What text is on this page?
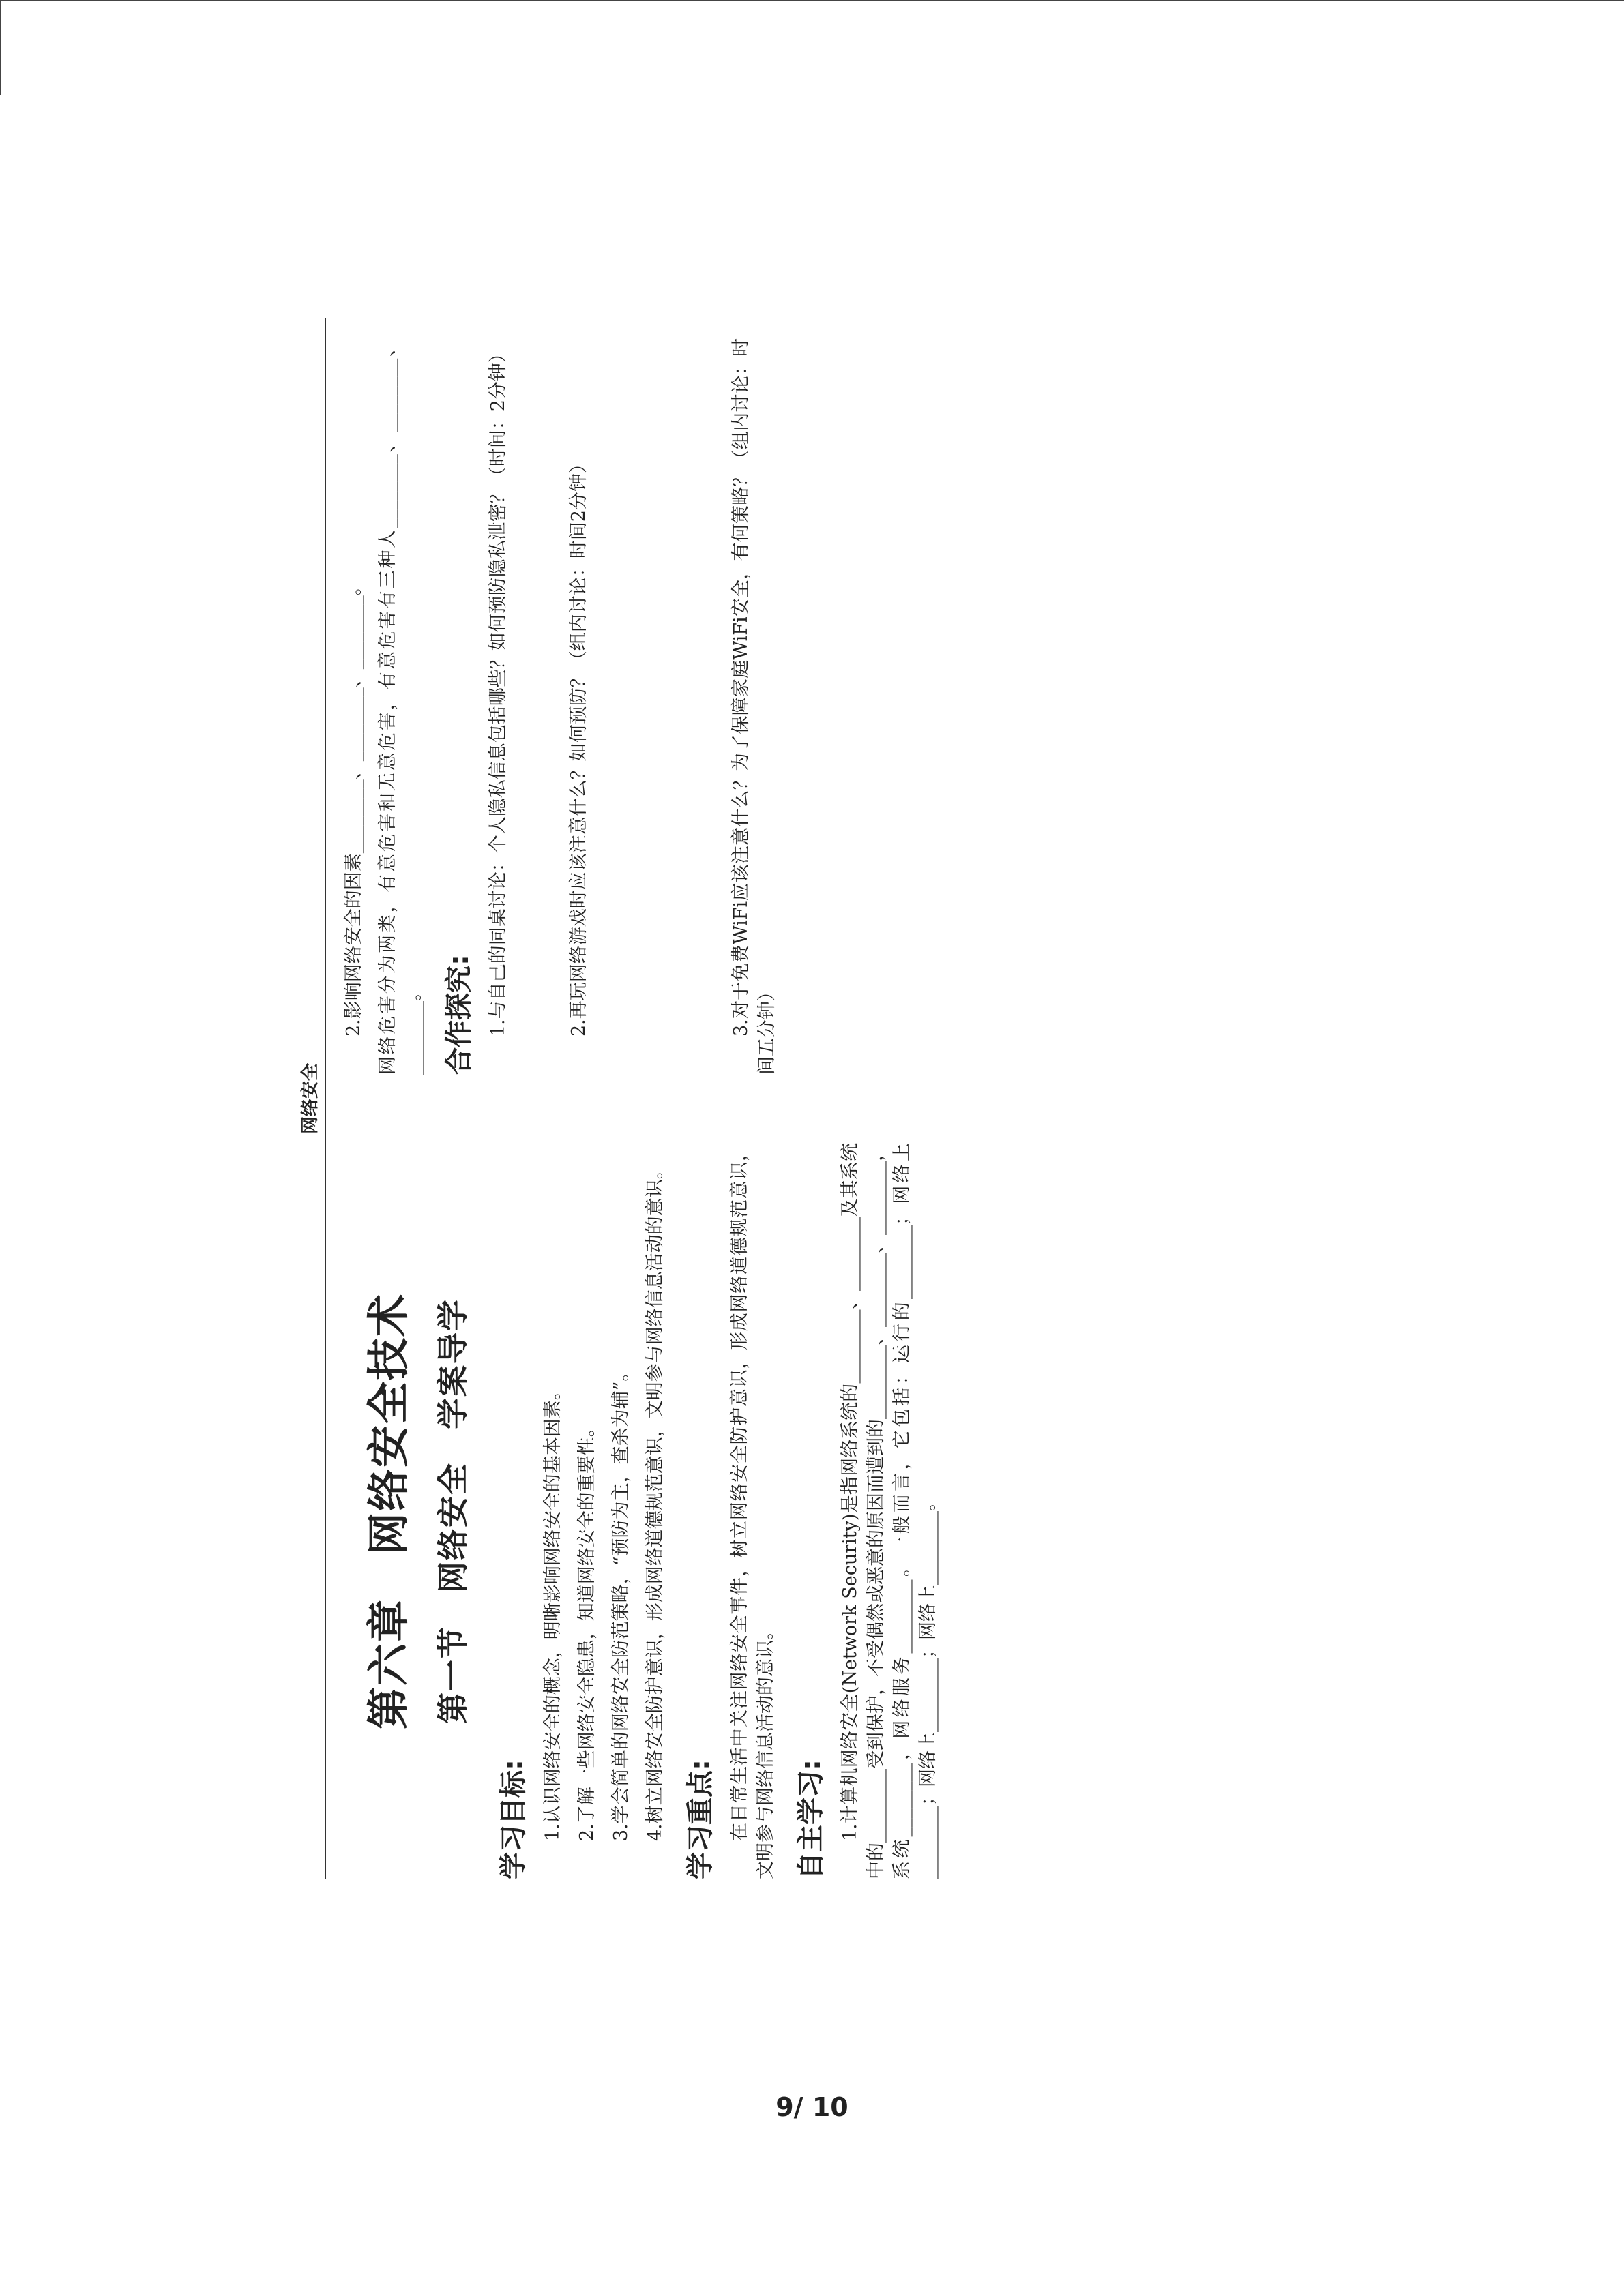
网络安全
第六章　网络安全技术 第一节　网络安全　学案导学
学习目标: 1.认识网络安全的概念，明晰影响网络安全的基本因素。 2.了解一些网络安全隐患，知道网络安全的重要性。 3.学会简单的网络安全防范策略，“预防为主，查杀为辅”。 4.树立网络安全防护意识，形成网络道德规范意识，文明参与网络信息活动的意识。 学习重点: 在日常生活中关注网络安全事件，树立网络安全防护意识，形成网络道德规范意识，文明参与网络信息活动的意识。 自主学习: 1.计算机网络安全(Network Security)是指网络系统的________、________及其系统中的________受到保护，不受偶然或恶意的原因而遭到的________、________、________，系统________，网络服务________。一般而言，它包括：运行的________；网络上________；网络上________；网络上________。
2.影响网络安全的因素________、________、________。 网络危害分为两类，有意危害和无意危害，有意危害有三种人________、________、________。 合作探究: 1.与自己的同桌讨论：个人隐私信息包括哪些？如何预防隐私泄密？（时间：2分钟）	2.再玩网络游戏时应该注意什么？如何预防？（组内讨论：时间2分钟）	3.对于免费WiFi应该注意什么？为了保障家庭WiFi安全，有何策略？（组内讨论：时间五分钟）
9/ 10
